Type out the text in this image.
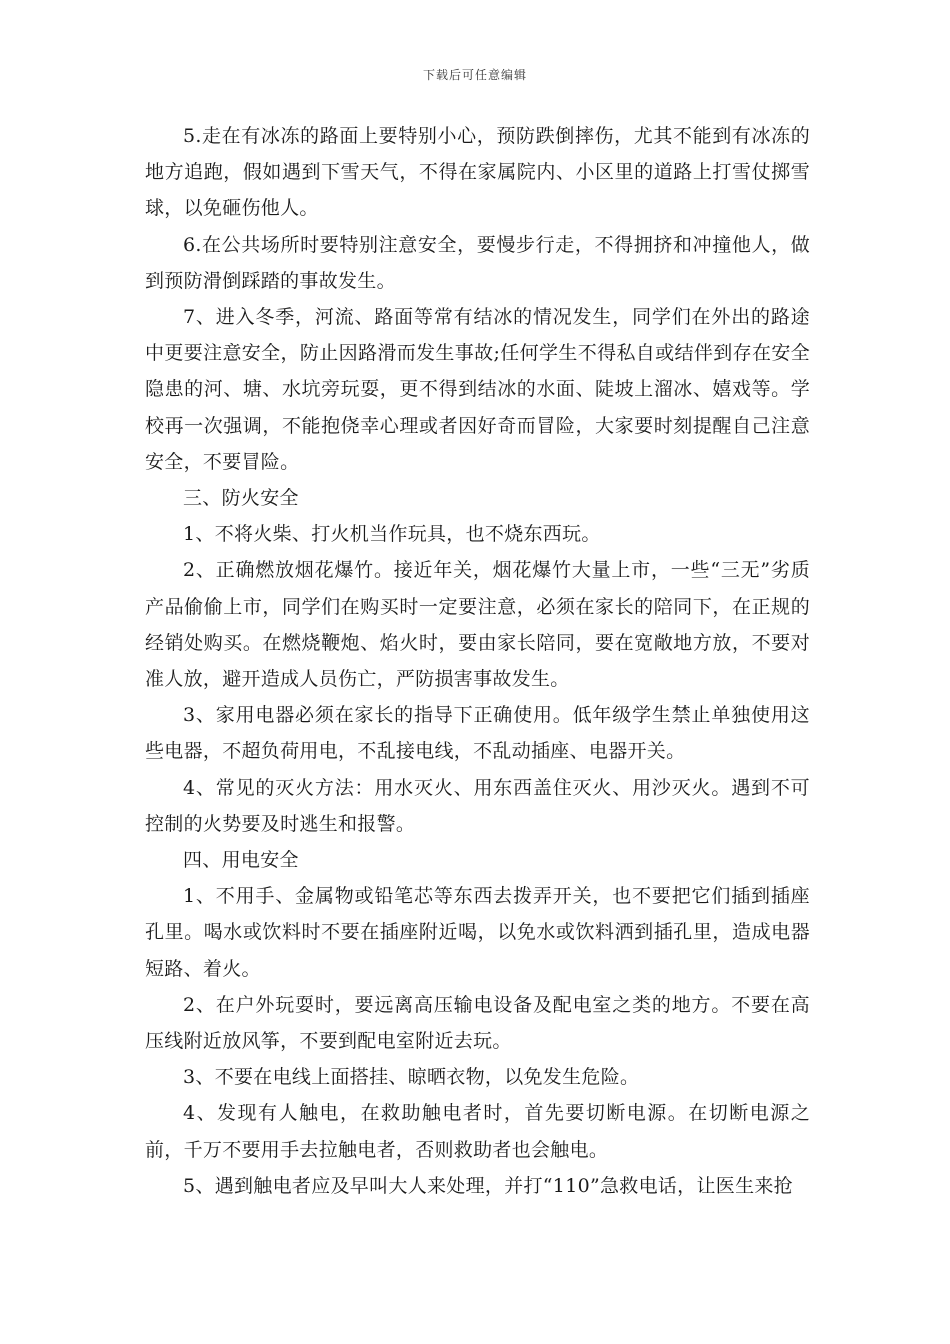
下载后可任意编辑

5.走在有冰冻的路面上要特别小心，预防跌倒摔伤，尤其不能到有冰冻的地方追跑，假如遇到下雪天气，不得在家属院内、小区里的道路上打雪仗掷雪球，以免砸伤他人。

6.在公共场所时要特别注意安全，要慢步行走，不得拥挤和冲撞他人，做到预防滑倒踩踏的事故发生。

7、进入冬季，河流、路面等常有结冰的情况发生，同学们在外出的路途中更要注意安全，防止因路滑而发生事故;任何学生不得私自或结伴到存在安全隐患的河、塘、水坑旁玩耍，更不得到结冰的水面、陡坡上溜冰、嬉戏等。学校再一次强调，不能抱侥幸心理或者因好奇而冒险，大家要时刻提醒自己注意安全，不要冒险。

三、防火安全

1、不将火柴、打火机当作玩具，也不烧东西玩。

2、正确燃放烟花爆竹。接近年关，烟花爆竹大量上市，一些“三无”劣质产品偷偷上市，同学们在购买时一定要注意，必须在家长的陪同下，在正规的经销处购买。在燃烧鞭炮、焰火时，要由家长陪同，要在宽敞地方放，不要对准人放，避开造成人员伤亡，严防损害事故发生。

3、家用电器必须在家长的指导下正确使用。低年级学生禁止单独使用这些电器，不超负荷用电，不乱接电线，不乱动插座、电器开关。

4、常见的灭火方法：用水灭火、用东西盖住灭火、用沙灭火。遇到不可控制的火势要及时逃生和报警。

四、用电安全

1、不用手、金属物或铅笔芯等东西去拨弄开关，也不要把它们插到插座孔里。喝水或饮料时不要在插座附近喝，以免水或饮料洒到插孔里，造成电器短路、着火。

2、在户外玩耍时，要远离高压输电设备及配电室之类的地方。不要在高压线附近放风筝，不要到配电室附近去玩。

3、不要在电线上面搭挂、晾晒衣物，以免发生危险。

4、发现有人触电，在救助触电者时，首先要切断电源。在切断电源之前，千万不要用手去拉触电者，否则救助者也会触电。

5、遇到触电者应及早叫大人来处理，并打“110”急救电话，让医生来抢
